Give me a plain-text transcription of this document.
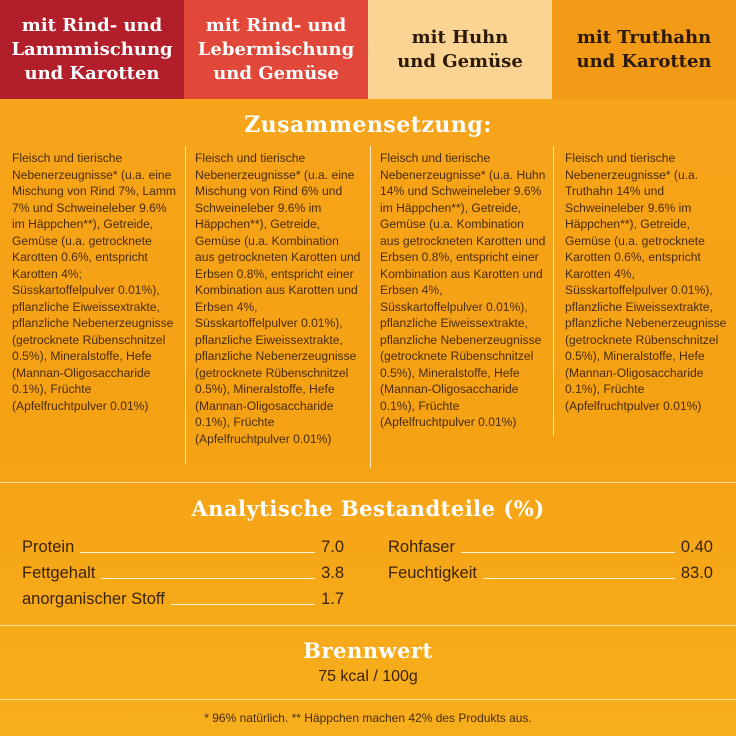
mit Rind- und
Lammmischung
und Karotten
mit Rind- und
Lebermischung
und Gemüse
mit Huhn
und Gemüse
mit Truthahn
und Karotten
Zusammensetzung:
Fleisch und tierische Nebenerzeugnisse* (u.a. eine Mischung von Rind 7%, Lamm 7% und Schweineleber 9.6% im Häppchen**), Getreide, Gemüse (u.a. getrocknete Karotten 0.6%, entspricht Karotten 4%; Süsskartoffelpulver 0.01%), pflanzliche Eiweissextrakte, pflanzliche Nebenerzeugnisse (getrocknete Rübenschnitzel 0.5%), Mineralstoffe, Hefe (Mannan-Oligosaccharide 0.1%), Früchte (Apfelfruchtpulver 0.01%)
Fleisch und tierische Nebenerzeugnisse* (u.a. eine Mischung von Rind 6% und Schweineleber 9.6% im Häppchen**), Getreide, Gemüse (u.a. Kombination aus getrockneten Karotten und Erbsen 0.8%, entspricht einer Kombination aus Karotten und Erbsen 4%, Süsskartoffelpulver 0.01%), pflanzliche Eiweissextrakte, pflanzliche Nebenerzeugnisse (getrocknete Rübenschnitzel 0.5%), Mineralstoffe, Hefe (Mannan-Oligosaccharide 0.1%), Früchte (Apfelfruchtpulver 0.01%)
Fleisch und tierische Nebenerzeugnisse* (u.a. Huhn 14% und Schweineleber 9.6% im Häppchen**), Getreide, Gemüse (u.a. Kombination aus getrockneten Karotten und Erbsen 0.8%, entspricht einer Kombination aus Karotten und Erbsen 4%, Süsskartoffelpulver 0.01%), pflanzliche Eiweissextrakte, pflanzliche Nebenerzeugnisse (getrocknete Rübenschnitzel 0.5%), Mineralstoffe, Hefe (Mannan-Oligosaccharide 0.1%), Früchte (Apfelfruchtpulver 0.01%)
Fleisch und tierische Nebenerzeugnisse* (u.a. Truthahn 14% und Schweineleber 9.6% im Häppchen**), Getreide, Gemüse (u.a. getrocknete Karotten 0.6%, entspricht Karotten 4%, Süsskartoffelpulver 0.01%), pflanzliche Eiweissextrakte, pflanzliche Nebenerzeugnisse (getrocknete Rübenschnitzel 0.5%), Mineralstoffe, Hefe (Mannan-Oligosaccharide 0.1%), Früchte (Apfelfruchtpulver 0.01%)
Analytische Bestandteile (%)
Protein	7.0
Fettgehalt	3.8
anorganischer Stoff	1.7
Rohfaser	0.40
Feuchtigkeit	83.0
Brennwert
75 kcal / 100g
* 96% natürlich. ** Häppchen machen 42% des Produkts aus.
